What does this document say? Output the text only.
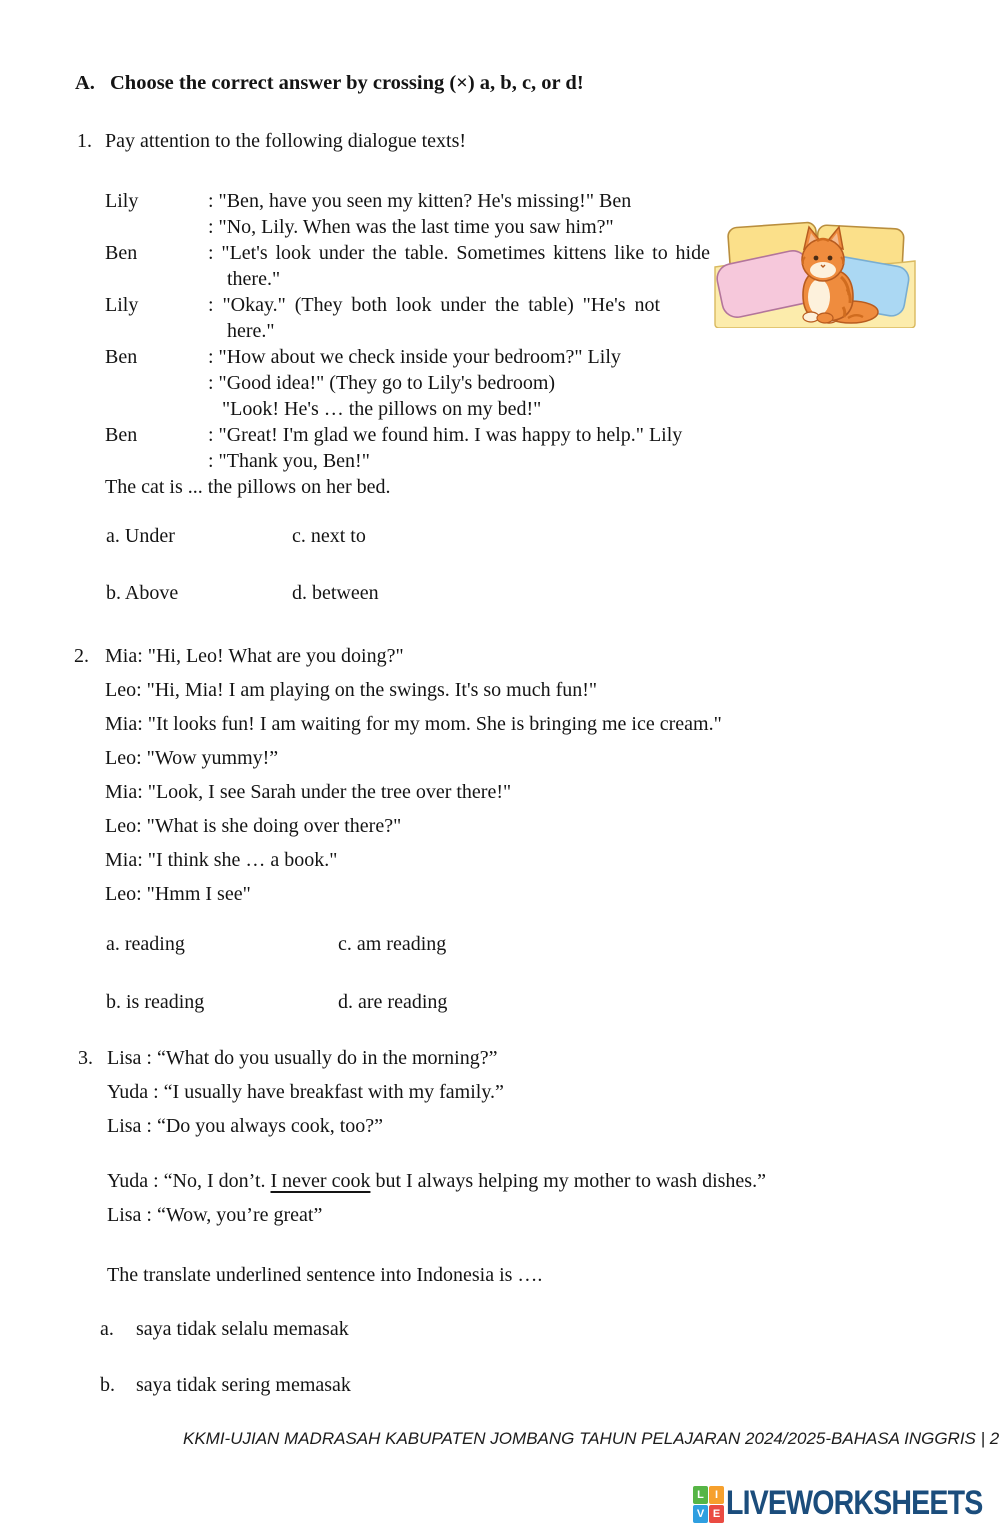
A. Choose the correct answer by crossing (×) a, b, c, or d!
1. Pay attention to the following dialogue texts!
Lily	: "Ben, have you seen my kitten? He's missing!" Ben
: "No, Lily. When was the last time you saw him?"
Ben	: "Let's look under the table. Sometimes kittens like to hide
there."
Lily	: "Okay." (They both look under the table) "He's not
here."
Ben	: "How about we check inside your bedroom?" Lily
: "Good idea!" (They go to Lily's bedroom)
"Look! He's … the pillows on my bed!"
Ben	: "Great! I'm glad we found him. I was happy to help." Lily
: "Thank you, Ben!"
The cat is ... the pillows on her bed.
a. Under	c. next to
b. Above	d. between
2. Mia: "Hi, Leo! What are you doing?"
Leo: "Hi, Mia! I am playing on the swings. It's so much fun!"
Mia: "It looks fun! I am waiting for my mom. She is bringing me ice cream."
Leo: "Wow yummy!”
Mia: "Look, I see Sarah under the tree over there!"
Leo: "What is she doing over there?"
Mia: "I think she … a book."
Leo: "Hmm I see"
a. reading	c. am reading
b. is reading	d. are reading
3. Lisa : “What do you usually do in the morning?”
Yuda : “I usually have breakfast with my family.”
Lisa : “Do you always cook, too?”
Yuda : “No, I don’t. I never cook but I always helping my mother to wash dishes.”
Lisa : “Wow, you’re great”
The translate underlined sentence into Indonesia is ….
a. saya tidak selalu memasak
b. saya tidak sering memasak
KKMI-UJIAN MADRASAH KABUPATEN JOMBANG TAHUN PELAJARAN 2024/2025-BAHASA INGGRIS | 2
L	I
V E LIVEWORKSHEETS
